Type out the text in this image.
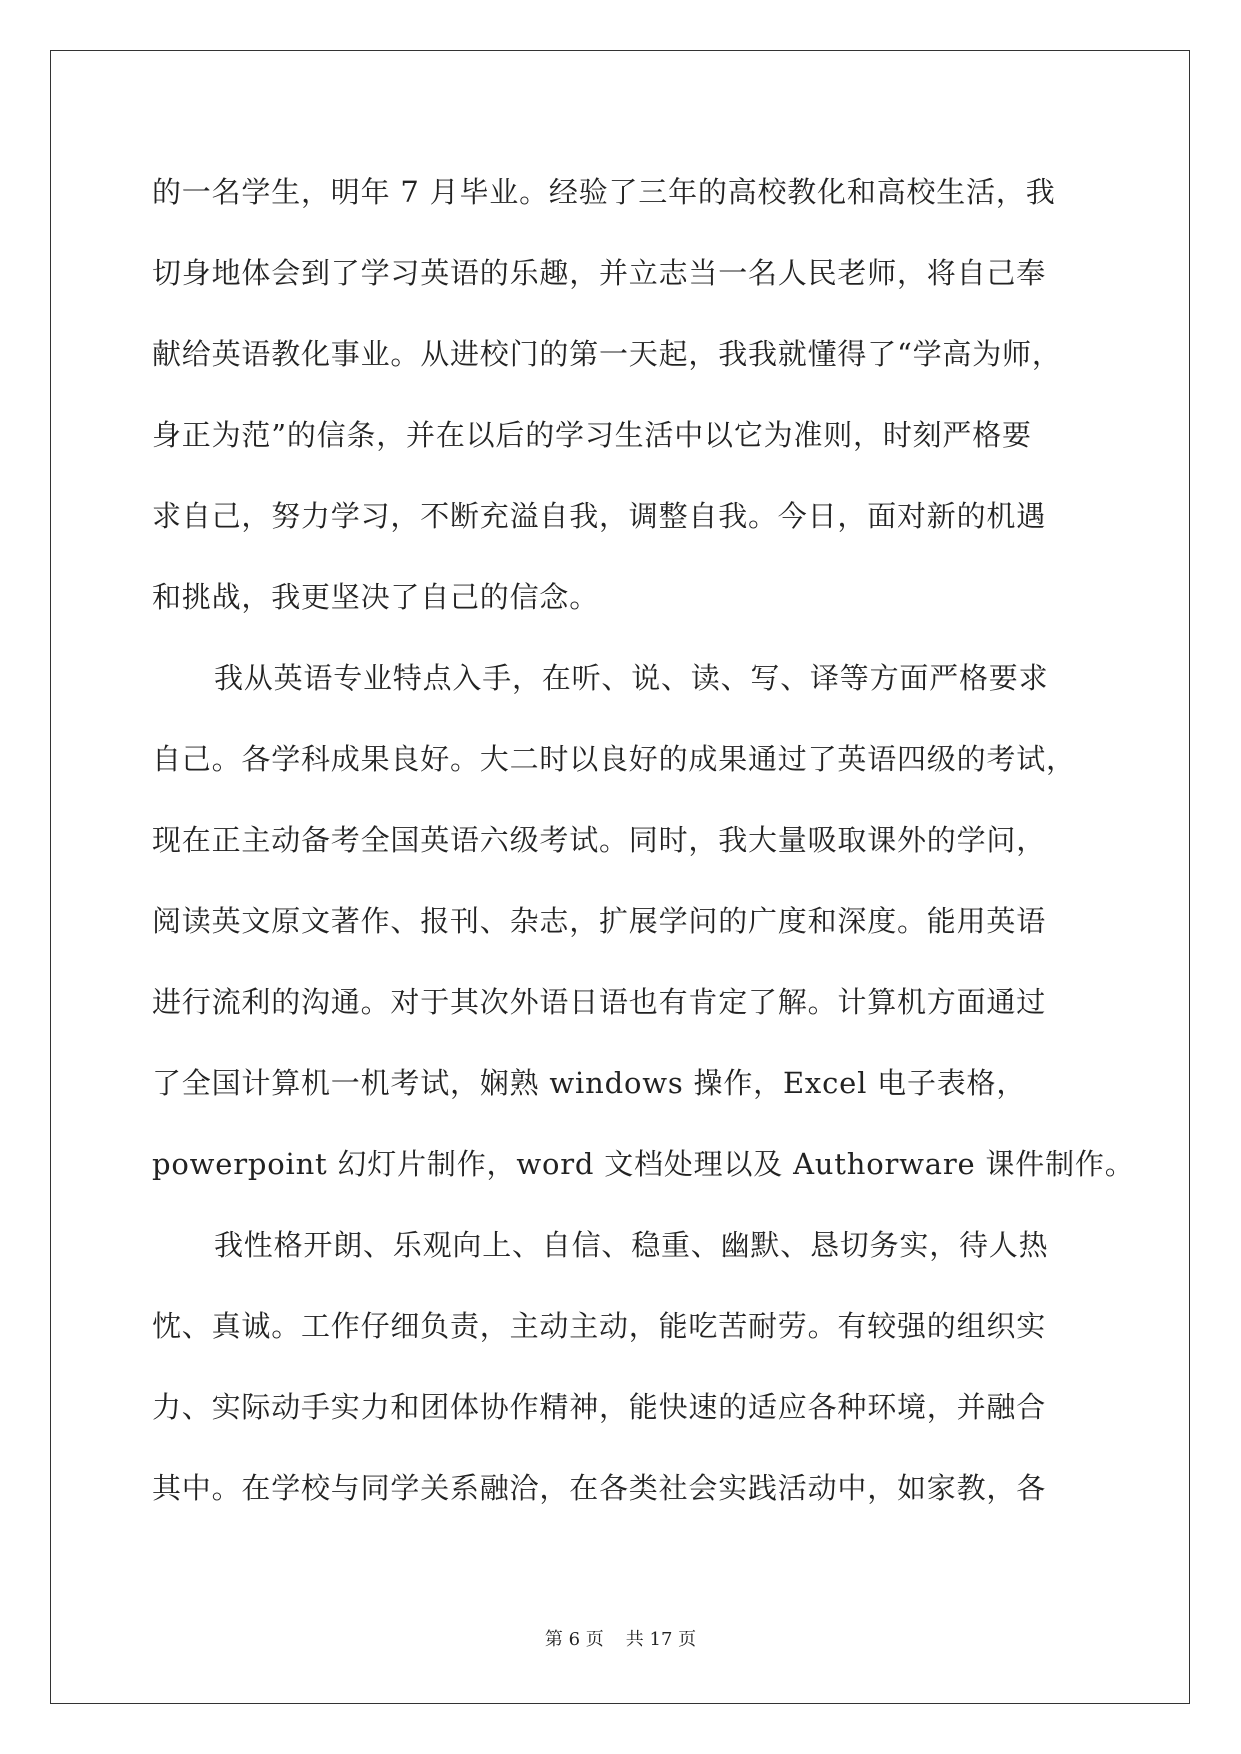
的一名学生，明年 7 月毕业。经验了三年的高校教化和高校生活，我
切身地体会到了学习英语的乐趣，并立志当一名人民老师，将自己奉
献给英语教化事业。从进校门的第一天起，我我就懂得了“学高为师，
身正为范”的信条，并在以后的学习生活中以它为准则，时刻严格要
求自己，努力学习，不断充溢自我，调整自我。今日，面对新的机遇
和挑战，我更坚决了自己的信念。
我从英语专业特点入手，在听、说、读、写、译等方面严格要求
自己。各学科成果良好。大二时以良好的成果通过了英语四级的考试，
现在正主动备考全国英语六级考试。同时，我大量吸取课外的学问，
阅读英文原文著作、报刊、杂志，扩展学问的广度和深度。能用英语
进行流利的沟通。对于其次外语日语也有肯定了解。计算机方面通过
了全国计算机一机考试，娴熟 windows 操作，Excel 电子表格，
powerpoint 幻灯片制作，word 文档处理以及 Authorware 课件制作。
我性格开朗、乐观向上、自信、稳重、幽默、恳切务实，待人热
忱、真诚。工作仔细负责，主动主动，能吃苦耐劳。有较强的组织实
力、实际动手实力和团体协作精神，能快速的适应各种环境，并融合
其中。在学校与同学关系融洽，在各类社会实践活动中，如家教，各
第 6 页 共 17 页
